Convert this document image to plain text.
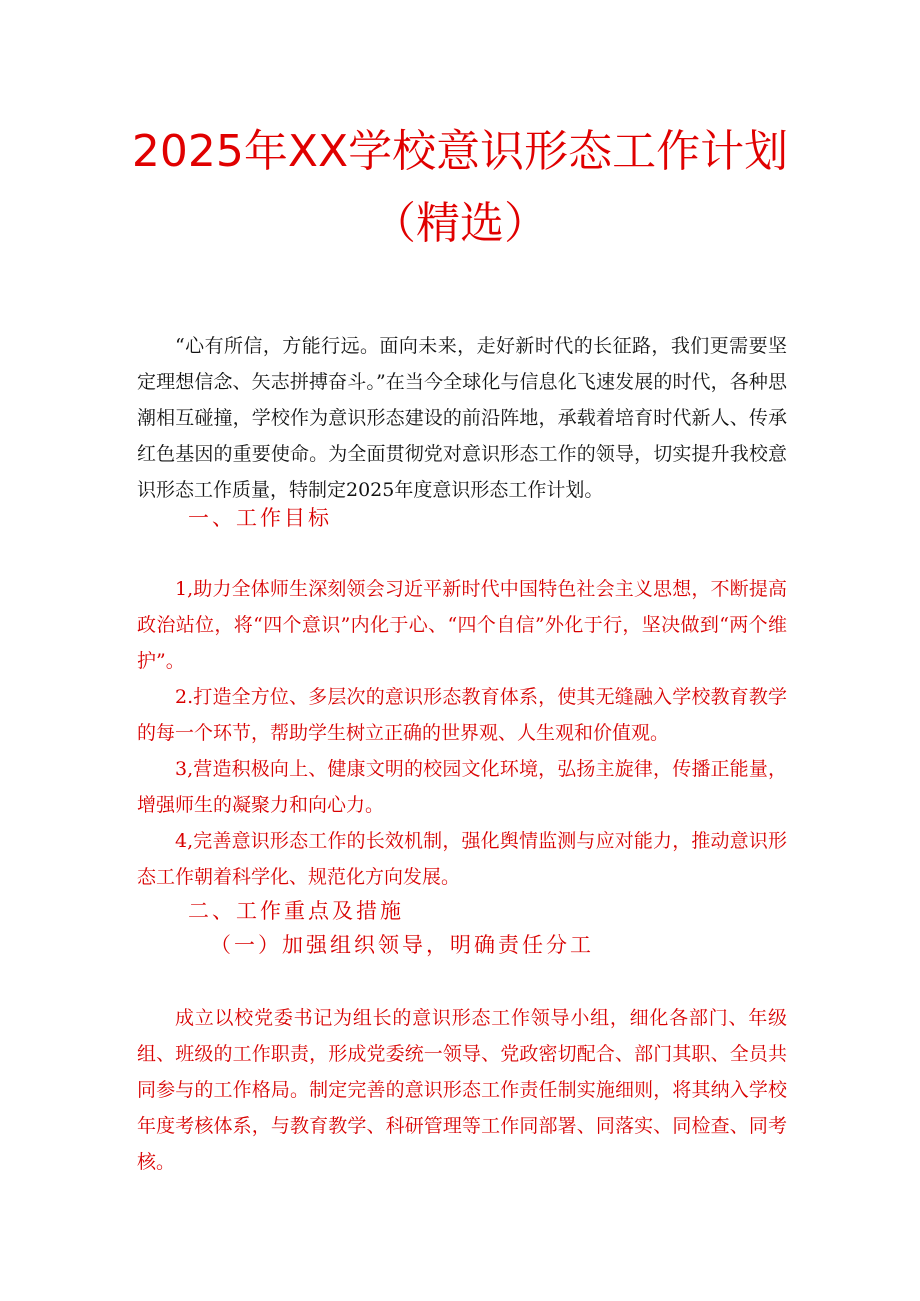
2025年XX学校意识形态工作计划
（精选）

“心有所信，方能行远。面向未来，走好新时代的长征路，我们更需要坚定理想信念、矢志拼搏奋斗。”在当今全球化与信息化飞速发展的时代，各种思潮相互碰撞，学校作为意识形态建设的前沿阵地，承载着培育时代新人、传承红色基因的重要使命。为全面贯彻党对意识形态工作的领导，切实提升我校意识形态工作质量，特制定2025年度意识形态工作计划。

一、工作目标

1,助力全体师生深刻领会习近平新时代中国特色社会主义思想，不断提高政治站位，将“四个意识”内化于心、“四个自信”外化于行，坚决做到“两个维护”。

2.打造全方位、多层次的意识形态教育体系，使其无缝融入学校教育教学的每一个环节，帮助学生树立正确的世界观、人生观和价值观。

3,营造积极向上、健康文明的校园文化环境，弘扬主旋律，传播正能量，增强师生的凝聚力和向心力。

4,完善意识形态工作的长效机制，强化舆情监测与应对能力，推动意识形态工作朝着科学化、规范化方向发展。

二、工作重点及措施
（一）加强组织领导，明确责任分工

成立以校党委书记为组长的意识形态工作领导小组，细化各部门、年级组、班级的工作职责，形成党委统一领导、党政密切配合、部门其职、全员共同参与的工作格局。制定完善的意识形态工作责任制实施细则，将其纳入学校年度考核体系，与教育教学、科研管理等工作同部署、同落实、同检查、同考核。
